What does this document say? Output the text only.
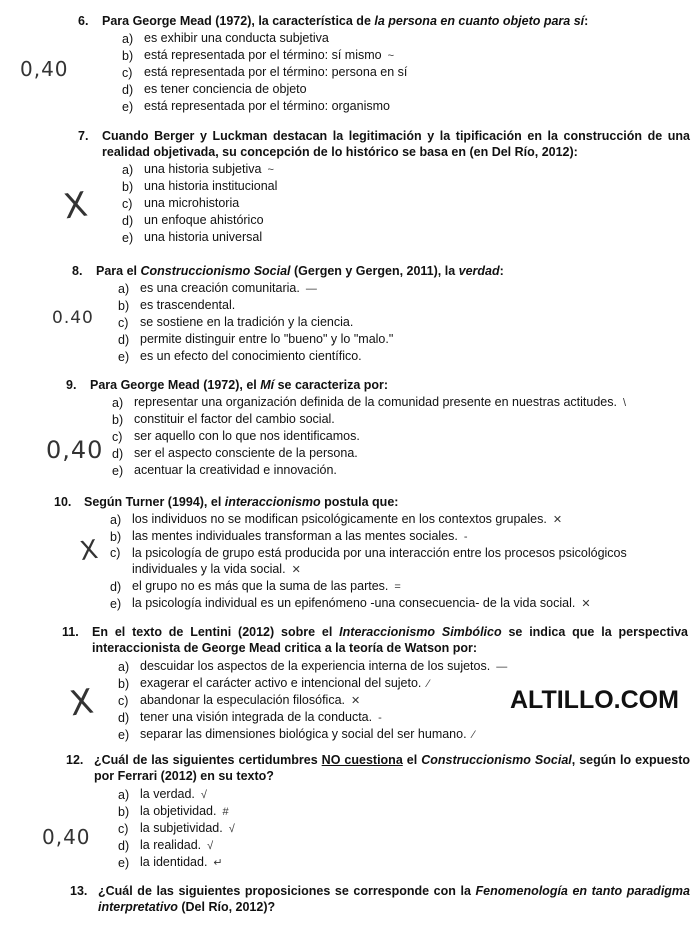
6.	Para George Mead (1972), la característica de la persona en cuanto objeto para sí:
a) es exhibir una conducta subjetiva
b) está representada por el término: sí mismo ~
c) está representada por el término: persona en sí
d) es tener conciencia de objeto
e) está representada por el término: organismo
0,40
7.	Cuando Berger y Luckman destacan la legitimación y la tipificación en la construcción de una realidad objetivada, su concepción de lo histórico se basa en (en Del Río, 2012):
a) una historia subjetiva ~
b) una historia institucional
c) una microhistoria
d) un enfoque ahistórico
e) una historia universal
X
8.	Para el Construccionismo Social (Gergen y Gergen, 2011), la verdad:
a) es una creación comunitaria. —
b) es trascendental.
c) se sostiene en la tradición y la ciencia.
d) permite distinguir entre lo "bueno" y lo "malo."
e) es un efecto del conocimiento científico.
0.40
9.	Para George Mead (1972), el Mí se caracteriza por:
a) representar una organización definida de la comunidad presente en nuestras actitudes. \
b) constituir el factor del cambio social.
c) ser aquello con lo que nos identificamos.
d) ser el aspecto consciente de la persona.
e) acentuar la creatividad e innovación.
0,40
10.	Según Turner (1994), el interaccionismo postula que:
a) los individuos no se modifican psicológicamente en los contextos grupales. ✕
b) las mentes individuales transforman a las mentes sociales. -
c) la psicología de grupo está producida por una interacción entre los procesos psicológicos individuales y la vida social. ✕
d) el grupo no es más que la suma de las partes. =
e) la psicología individual es un epifenómeno -una consecuencia- de la vida social. ✕
X
11.	En el texto de Lentini (2012) sobre el Interaccionismo Simbólico se indica que la perspectiva interaccionista de George Mead critica a la teoría de Watson por:
a) descuidar los aspectos de la experiencia interna de los sujetos. —
b) exagerar el carácter activo e intencional del sujeto. ⁄
c) abandonar la especulación filosófica. ✕
d) tener una visión integrada de la conducta. -
e) separar las dimensiones biológica y social del ser humano. ⁄
X
12. ¿Cuál de las siguientes certidumbres NO cuestiona el Construccionismo Social, según lo expuesto por Ferrari (2012) en su texto?
a) la verdad. √
b) la objetividad. #
c) la subjetividad. √
d) la realidad. √
e) la identidad. ↵
0,40
13. ¿Cuál de las siguientes proposiciones se corresponde con la Fenomenología en tanto paradigma interpretativo (Del Río, 2012)?
ALTILLO.COM
